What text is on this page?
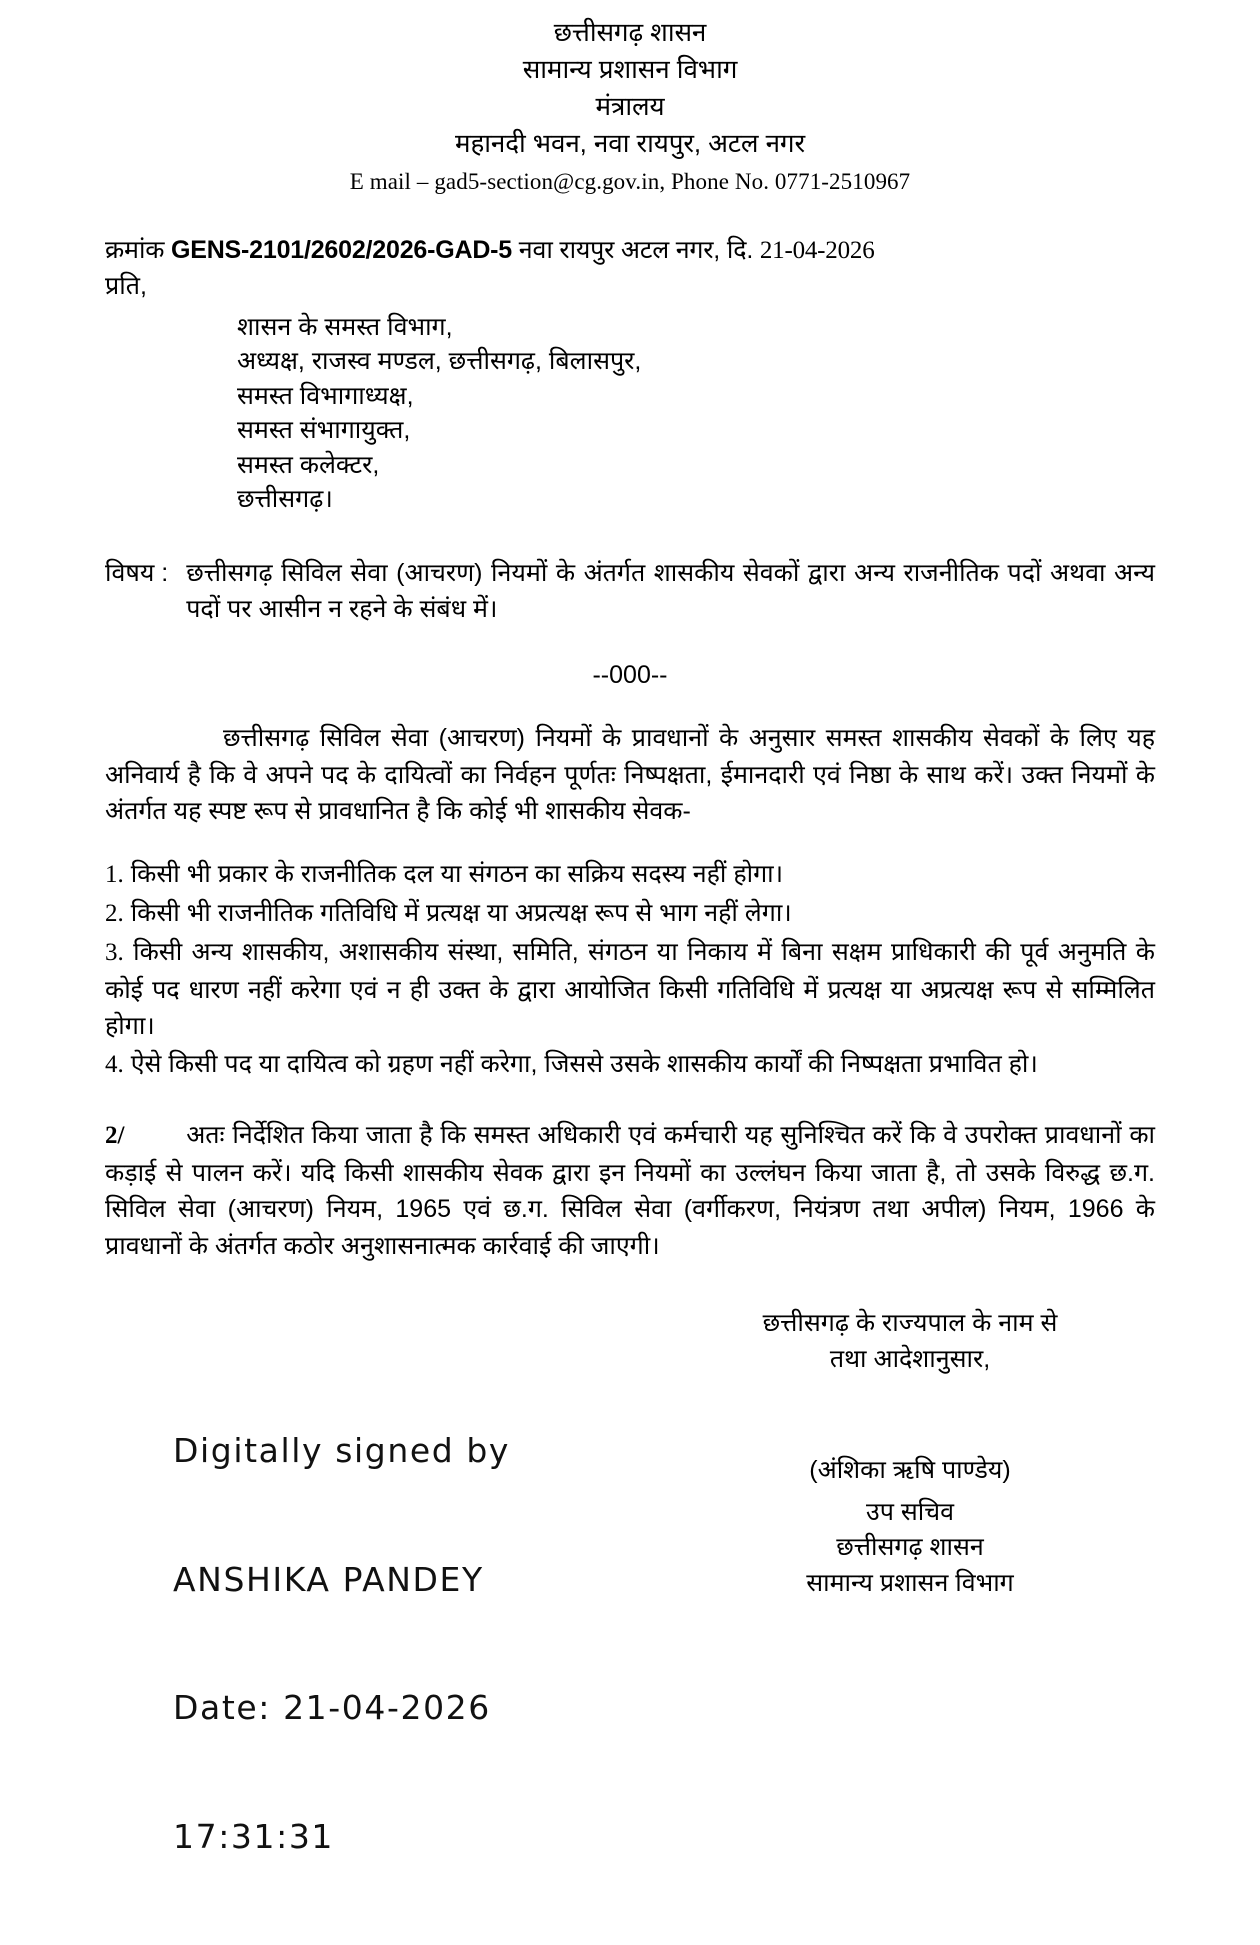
छत्तीसगढ़ शासन
सामान्य प्रशासन विभाग
मंत्रालय
महानदी भवन, नवा रायपुर, अटल नगर
E mail – gad5-section@cg.gov.in, Phone No. 0771-2510967
क्रमांक GENS-2101/2602/2026-GAD-5 नवा रायपुर अटल नगर, दि. 21-04-2026
प्रति,
शासन के समस्त विभाग,
अध्यक्ष, राजस्व मण्डल, छत्तीसगढ़, बिलासपुर,
समस्त विभागाध्यक्ष,
समस्त संभागायुक्त,
समस्त कलेक्टर,
छत्तीसगढ़।
विषय : छत्तीसगढ़ सिविल सेवा (आचरण) नियमों के अंतर्गत शासकीय सेवकों द्वारा अन्य राजनीतिक पदों अथवा अन्य पदों पर आसीन न रहने के संबंध में।
--000--
छत्तीसगढ़ सिविल सेवा (आचरण) नियमों के प्रावधानों के अनुसार समस्त शासकीय सेवकों के लिए यह अनिवार्य है कि वे अपने पद के दायित्वों का निर्वहन पूर्णतः निष्पक्षता, ईमानदारी एवं निष्ठा के साथ करें। उक्त नियमों के अंतर्गत यह स्पष्ट रूप से प्रावधानित है कि कोई भी शासकीय सेवक-
1. किसी भी प्रकार के राजनीतिक दल या संगठन का सक्रिय सदस्य नहीं होगा।
2. किसी भी राजनीतिक गतिविधि में प्रत्यक्ष या अप्रत्यक्ष रूप से भाग नहीं लेगा।
3. किसी अन्य शासकीय, अशासकीय संस्था, समिति, संगठन या निकाय में बिना सक्षम प्राधिकारी की पूर्व अनुमति के कोई पद धारण नहीं करेगा एवं न ही उक्त के द्वारा आयोजित किसी गतिविधि में प्रत्यक्ष या अप्रत्यक्ष रूप से सम्मिलित होगा।
4. ऐसे किसी पद या दायित्व को ग्रहण नहीं करेगा, जिससे उसके शासकीय कार्यों की निष्पक्षता प्रभावित हो।
2/ अतः निर्देशित किया जाता है कि समस्त अधिकारी एवं कर्मचारी यह सुनिश्चित करें कि वे उपरोक्त प्रावधानों का कड़ाई से पालन करें। यदि किसी शासकीय सेवक द्वारा इन नियमों का उल्लंघन किया जाता है, तो उसके विरुद्ध छ.ग. सिविल सेवा (आचरण) नियम, 1965 एवं छ.ग. सिविल सेवा (वर्गीकरण, नियंत्रण तथा अपील) नियम, 1966 के प्रावधानों के अंतर्गत कठोर अनुशासनात्मक कार्रवाई की जाएगी।

Digitally signed by

ANSHIKA PANDEY

Date: 21-04-2026

17:31:31

छत्तीसगढ़ के राज्यपाल के नाम से
तथा आदेशानुसार,
(अंशिका ऋषि पाण्डेय)
उप सचिव
छत्तीसगढ़ शासन
सामान्य प्रशासन विभाग
